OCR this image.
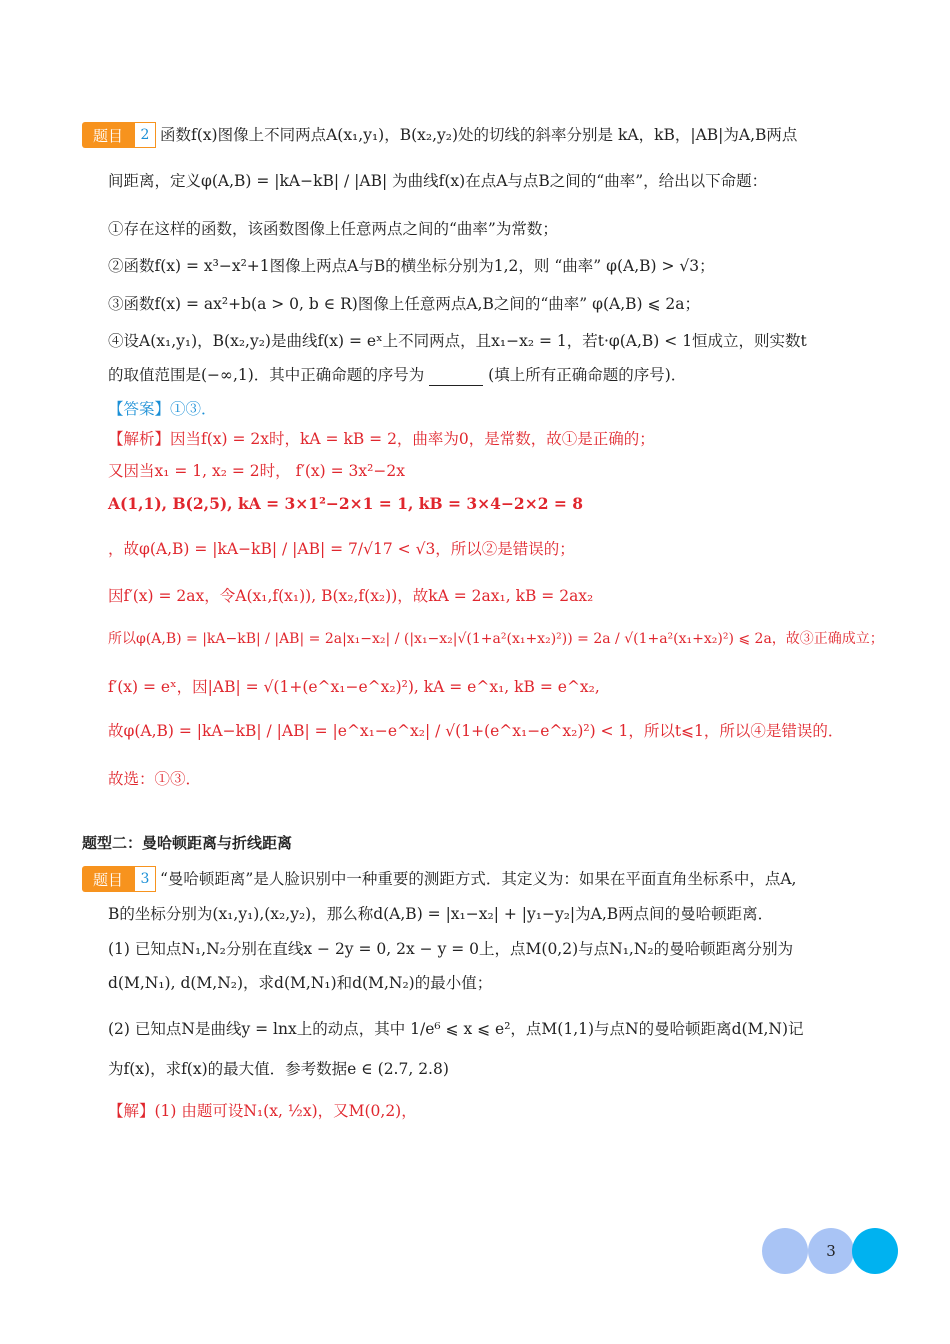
题目	2 函数f(x)图像上不同两点A(x₁,y₁)，B(x₂,y₂)处的切线的斜率分别是 kA，kB，|AB|为A,B两点
间距离，定义φ(A,B) = |kA−kB| / |AB| 为曲线f(x)在点A与点B之间的“曲率”，给出以下命题：
①存在这样的函数，该函数图像上任意两点之间的“曲率”为常数；
②函数f(x) = x³−x²+1图像上两点A与B的横坐标分别为1,2，则 “曲率” φ(A,B) > √3；
③函数f(x) = ax²+b(a > 0, b ∈ R)图像上任意两点A,B之间的“曲率” φ(A,B) ⩽ 2a；
④设A(x₁,y₁)，B(x₂,y₂)是曲线f(x) = eˣ上不同两点，且x₁−x₂ = 1，若t·φ(A,B) < 1恒成立，则实数t
的取值范围是(−∞,1)．其中正确命题的序号为	(填上所有正确命题的序号)．
【答案】①③．
【解析】因当f(x) = 2x时，kA = kB = 2，曲率为0，是常数，故①是正确的；
又因当x₁ = 1, x₂ = 2时， f′(x) = 3x²−2x
A(1,1), B(2,5), kA = 3×1²−2×1 = 1, kB = 3×4−2×2 = 8
，故φ(A,B) = |kA−kB| / |AB| = 7/√17 < √3，所以②是错误的；
因f′(x) = 2ax，令A(x₁,f(x₁)), B(x₂,f(x₂))，故kA = 2ax₁, kB = 2ax₂
所以φ(A,B) = |kA−kB| / |AB| = 2a|x₁−x₂| / (|x₁−x₂|√(1+a²(x₁+x₂)²)) = 2a / √(1+a²(x₁+x₂)²) ⩽ 2a，故③正确成立；
f′(x) = eˣ，因|AB| = √(1+(e^x₁−e^x₂)²), kA = e^x₁, kB = e^x₂,
故φ(A,B) = |kA−kB| / |AB| = |e^x₁−e^x₂| / √(1+(e^x₁−e^x₂)²) < 1，所以t⩽1，所以④是错误的．
故选：①③．
题型二：曼哈顿距离与折线距离
题目	3 “曼哈顿距离”是人脸识别中一种重要的测距方式．其定义为：如果在平面直角坐标系中，点A,
B的坐标分别为(x₁,y₁),(x₂,y₂)，那么称d(A,B) = |x₁−x₂| + |y₁−y₂|为A,B两点间的曼哈顿距离．
(1) 已知点N₁,N₂分别在直线x − 2y = 0, 2x − y = 0上，点M(0,2)与点N₁,N₂的曼哈顿距离分别为
d(M,N₁), d(M,N₂)，求d(M,N₁)和d(M,N₂)的最小值；
(2) 已知点N是曲线y = lnx上的动点，其中 1/e⁶ ⩽ x ⩽ e²，点M(1,1)与点N的曼哈顿距离d(M,N)记
为f(x)，求f(x)的最大值．参考数据e ∈ (2.7, 2.8)
【解】(1) 由题可设N₁(x, ½x)，又M(0,2)，
3
